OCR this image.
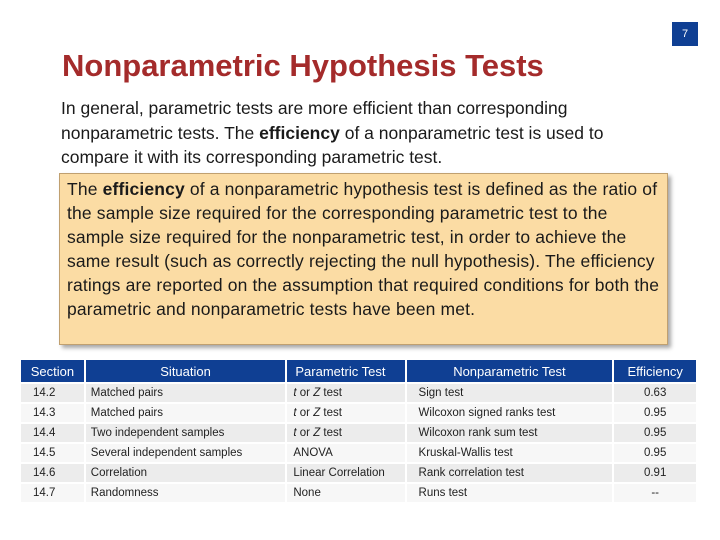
7
Nonparametric Hypothesis Tests
In general, parametric tests are more efficient than corresponding nonparametric tests. The efficiency of a nonparametric test is used to compare it with its corresponding parametric test.
The efficiency of a nonparametric hypothesis test is defined as the ratio of the sample size required for the corresponding parametric test to the sample size required for the nonparametric test, in order to achieve the same result (such as correctly rejecting the null hypothesis). The efficiency ratings are reported on the assumption that required conditions for both the parametric and nonparametric tests have been met.
Section	Situation	Parametric Test	Nonparametric Test	Efficiency
14.2	Matched pairs	t or Z test	Sign test	0.63
14.3	Matched pairs	t or Z test	Wilcoxon signed ranks test	0.95
14.4	Two independent samples	t or Z test	Wilcoxon rank sum test	0.95
14.5	Several independent samples	ANOVA	Kruskal-Wallis test	0.95
14.6	Correlation	Linear Correlation	Rank correlation test	0.91
14.7	Randomness	None	Runs test	--
